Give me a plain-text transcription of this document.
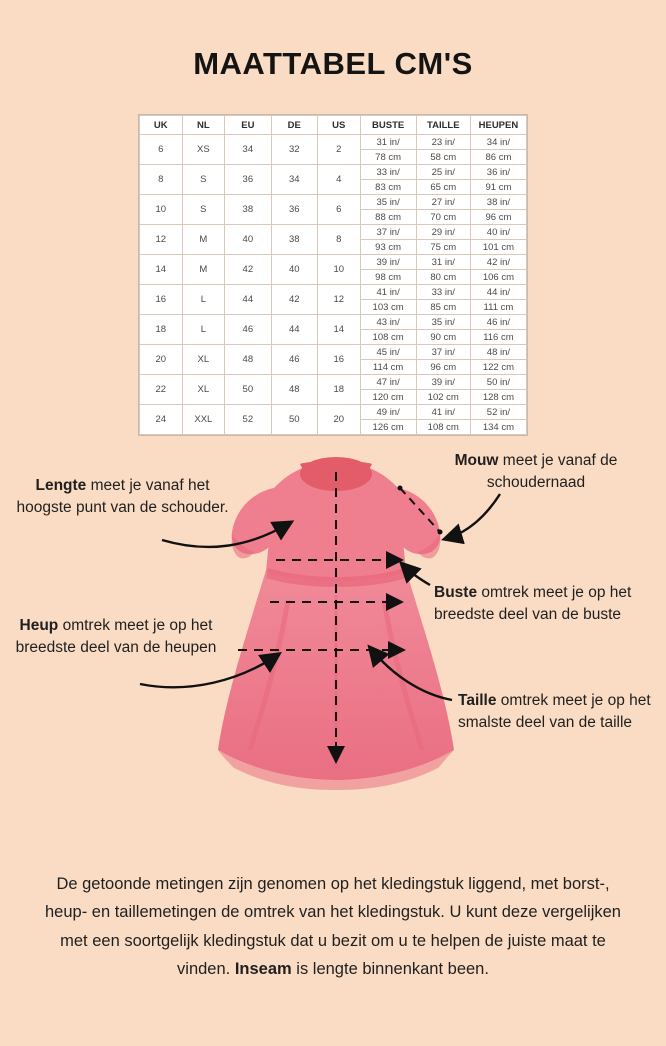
MAATTABEL CM'S
UK	NL	EU	DE	US	BUSTE	TAILLE	HEUPEN
6	XS	34	32	2	31 in/	23 in/	34 in/
					78 cm	58 cm	86 cm
8	S	36	34	4	33 in/	25 in/	36 in/
					83 cm	65 cm	91 cm
10	S	38	36	6	35 in/	27 in/	38 in/
					88 cm	70 cm	96 cm
12	M	40	38	8	37 in/	29 in/	40 in/
					93 cm	75 cm	101 cm
14	M	42	40	10	39 in/	31 in/	42 in/
					98 cm	80 cm	106 cm
16	L	44	42	12	41 in/	33 in/	44 in/
					103 cm	85 cm	111 cm
18	L	46	44	14	43 in/	35 in/	46 in/
					108 cm	90 cm	116 cm
20	XL	48	46	16	45 in/	37 in/	48 in/
					114 cm	96 cm	122 cm
22	XL	50	48	18	47 in/	39 in/	50 in/
					120 cm	102 cm	128 cm
24	XXL	52	50	20	49 in/	41 in/	52 in/
					126 cm	108 cm	134 cm
Lengte meet je vanaf het hoogste punt van de schouder.
Mouw meet je vanaf de schoudernaad
Buste omtrek meet je op het breedste deel van de buste
Heup omtrek meet je op het breedste deel van de heupen
Taille omtrek meet je op het smalste deel van de taille
De getoonde metingen zijn genomen op het kledingstuk liggend, met borst-, heup- en taillemetingen de omtrek van het kledingstuk. U kunt deze vergelijken met een soortgelijk kledingstuk dat u bezit om u te helpen de juiste maat te vinden. Inseam is lengte binnenkant been.
